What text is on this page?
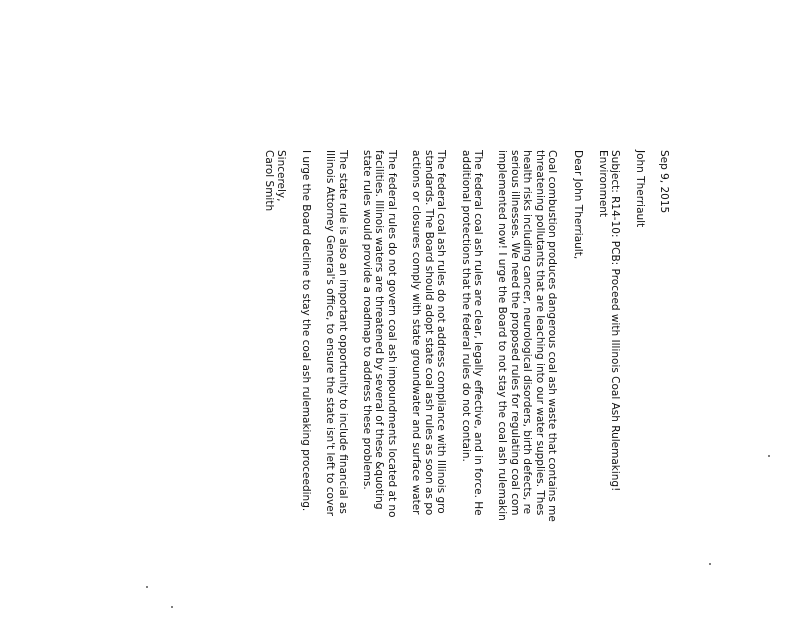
Sep 9, 2015

John Therriault

Subject: R14-10: PCB: Proceed with Illinois Coal Ash Rulemaking!

Environment

Dear John Therriault,

Coal combustion produces dangerous coal ash waste that contains me

threatening pollutants that are leaching into our water supplies. Thes

health risks including cancer, neurological disorders, birth defects, re

serious illnesses. We need the proposed rules for regulating coal com

implemented now! I urge the Board to not stay the coal ash rulemakin

The federal coal ash rules are clear, legally effective, and in force. He

additional protections that the federal rules do not contain.

The federal coal ash rules do not address compliance with Illinois gro

standards. The Board should adopt state coal ash rules as soon as po

actions or closures comply with state groundwater and surface water

The federal rules do not govern coal ash impoundments located at no

facilities. Illinois waters are threatened by several of these &quoting

state rules would provide a roadmap to address these problems.

The state rule is also an important opportunity to include financial as

Illinois Attorney General's office, to ensure the state isn't left to cover

I urge the Board decline to stay the coal ash rulemaking proceeding.

Sincerely,

Carol Smith
